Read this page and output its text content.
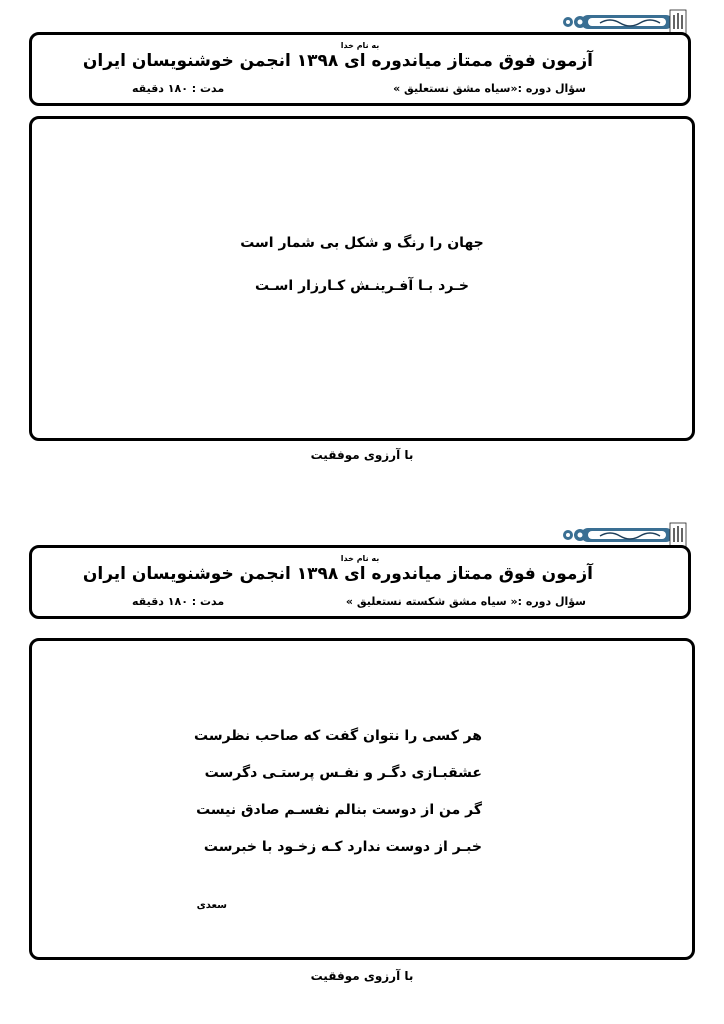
به نام خدا
آزمون فوق ممتاز میاندوره ای ۱۳۹۸ انجمن خوشنویسان ایران
سؤال دوره :«سیاه مشق نستعلیق »
مدت : ۱۸۰ دقیقه
جهان را رنگ و شکل بی شمار است
خـرد بـا آفـرینـش کـارزار اسـت
با آرزوی موفقیت
به نام خدا
آزمون فوق ممتاز میاندوره ای ۱۳۹۸ انجمن خوشنویسان ایران
سؤال دوره :« سیاه مشق شکسته نستعلیق »
مدت : ۱۸۰ دقیقه
هر کسی را نتوان گفت که صاحب نظرست
عشقبـازی دگـر و نفـس پرستـی دگرست
گر من از دوست بنالم نفسـم صادق نیست
خبـر از دوست ندارد کـه زخـود با خبرست
سعدی
با آرزوی موفقیت
